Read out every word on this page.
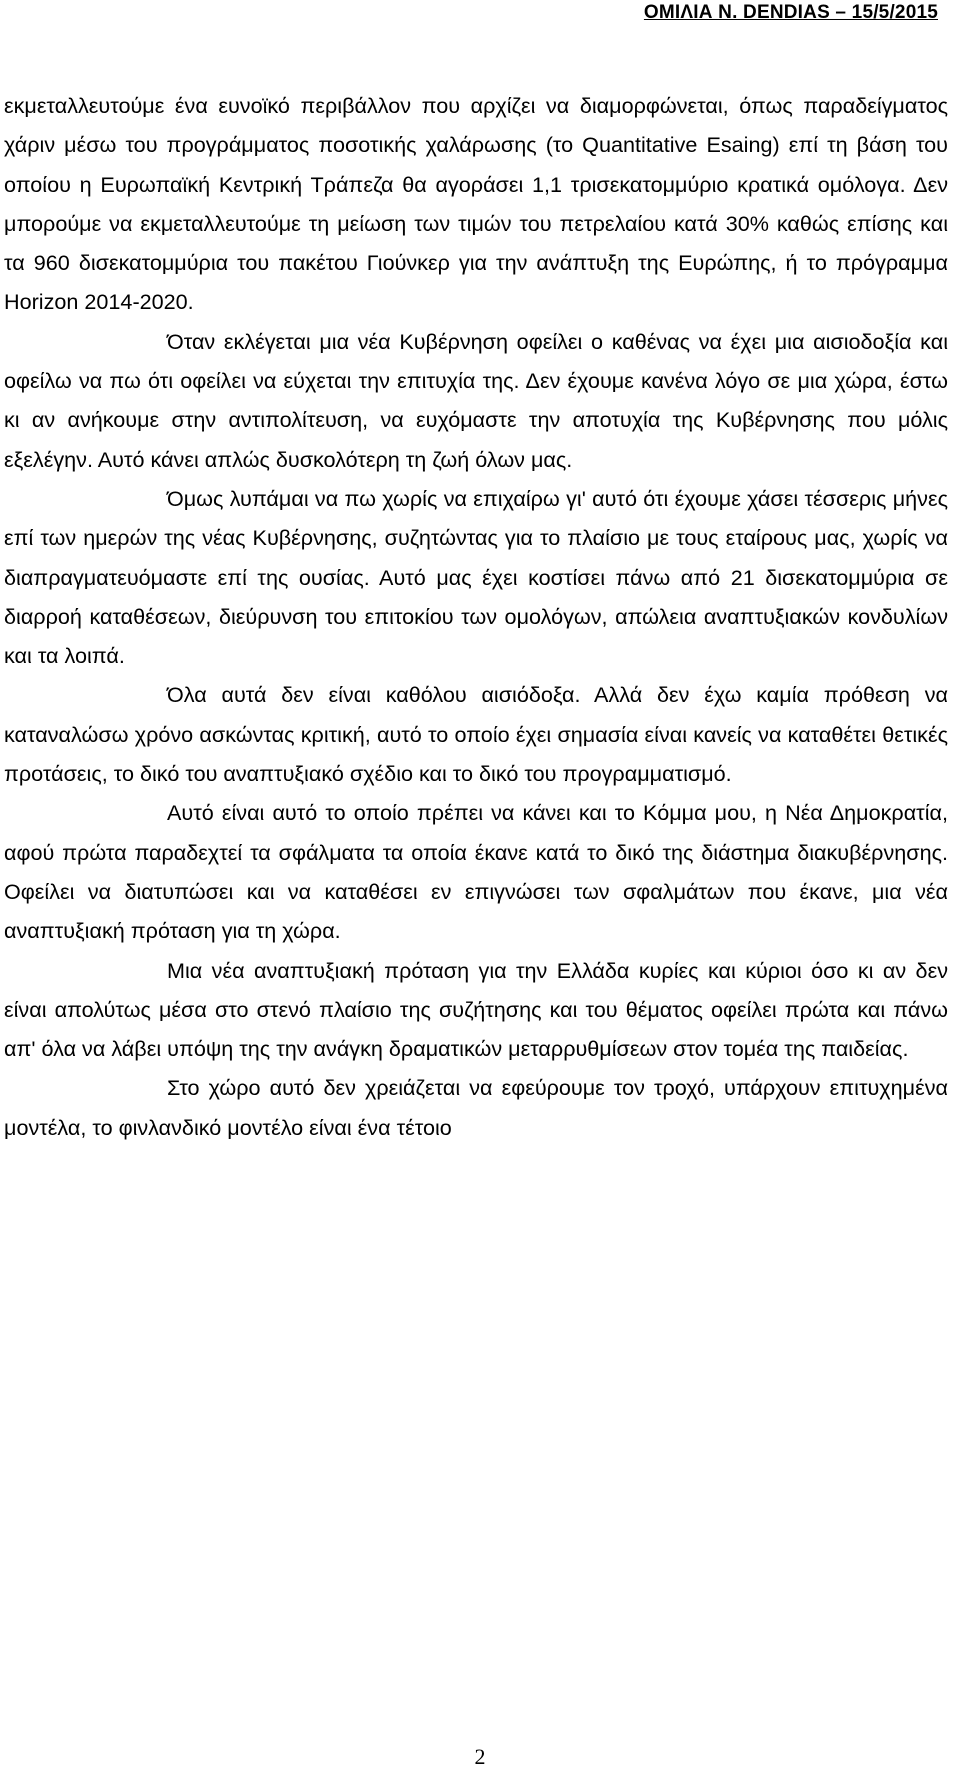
ΟΜΙΛΙΑ Ν. DENDIAS – 15/5/2015

εκμεταλλευτούμε ένα ευνοϊκό περιβάλλον που αρχίζει να διαμορφώνεται, όπως παραδείγματος χάριν μέσω του προγράμματος ποσοτικής χαλάρωσης (το Quantitative Esaing) επί τη βάση του οποίου η Ευρωπαϊκή Κεντρική Τράπεζα θα αγοράσει 1,1 τρισεκατομμύριο κρατικά ομόλογα. Δεν μπορούμε να εκμεταλλευτούμε τη μείωση των τιμών του πετρελαίου κατά 30% καθώς επίσης και τα 960 δισεκατομμύρια του πακέτου Γιούνκερ για την ανάπτυξη της Ευρώπης, ή το πρόγραμμα Horizon 2014-2020.

Όταν εκλέγεται μια νέα Κυβέρνηση οφείλει ο καθένας να έχει μια αισιοδοξία και οφείλω να πω ότι οφείλει να εύχεται την επιτυχία της. Δεν έχουμε κανένα λόγο σε μια χώρα, έστω κι αν ανήκουμε στην αντιπολίτευση, να ευχόμαστε την αποτυχία της Κυβέρνησης που μόλις εξελέγην. Αυτό κάνει απλώς δυσκολότερη τη ζωή όλων μας.

Όμως λυπάμαι να πω χωρίς να επιχαίρω γι' αυτό ότι έχουμε χάσει τέσσερις μήνες επί των ημερών της νέας Κυβέρνησης, συζητώντας για το πλαίσιο με τους εταίρους μας, χωρίς να διαπραγματευόμαστε επί της ουσίας. Αυτό μας έχει κοστίσει πάνω από 21 δισεκατομμύρια σε διαρροή καταθέσεων, διεύρυνση του επιτοκίου των ομολόγων, απώλεια αναπτυξιακών κονδυλίων και τα λοιπά.

Όλα αυτά δεν είναι καθόλου αισιόδοξα. Αλλά δεν έχω καμία πρόθεση να καταναλώσω χρόνο ασκώντας κριτική, αυτό το οποίο έχει σημασία είναι κανείς να καταθέτει θετικές προτάσεις, το δικό του αναπτυξιακό σχέδιο και το δικό του προγραμματισμό.

Αυτό είναι αυτό το οποίο πρέπει να κάνει και το Κόμμα μου, η Νέα Δημοκρατία, αφού πρώτα παραδεχτεί τα σφάλματα τα οποία έκανε κατά το δικό της διάστημα διακυβέρνησης. Οφείλει να διατυπώσει και να καταθέσει εν επιγνώσει των σφαλμάτων που έκανε, μια νέα αναπτυξιακή πρόταση για τη χώρα.

Μια νέα αναπτυξιακή πρόταση για την Ελλάδα κυρίες και κύριοι όσο κι αν δεν είναι απολύτως μέσα στο στενό πλαίσιο της συζήτησης και του θέματος οφείλει πρώτα και πάνω απ' όλα να λάβει υπόψη της την ανάγκη δραματικών μεταρρυθμίσεων στον τομέα της παιδείας.

Στο χώρο αυτό δεν χρειάζεται να εφεύρουμε τον τροχό, υπάρχουν επιτυχημένα μοντέλα, το φινλανδικό μοντέλο είναι ένα τέτοιο

2
